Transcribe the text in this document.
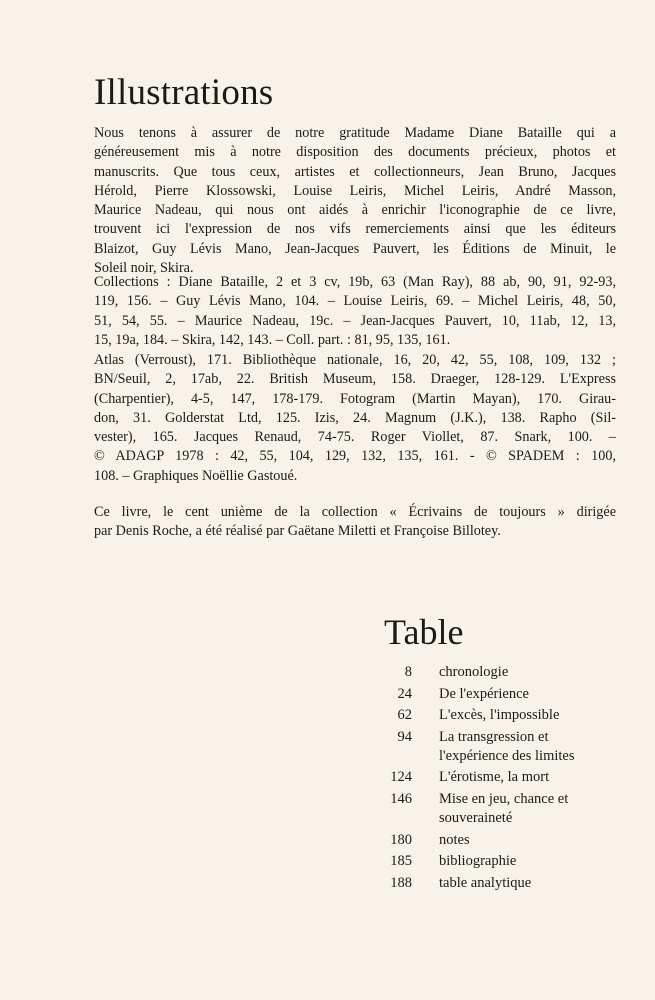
Illustrations
Nous tenons à assurer de notre gratitude Madame Diane Bataille qui a
généreusement mis à notre disposition des documents précieux, photos et
manuscrits. Que tous ceux, artistes et collectionneurs, Jean Bruno, Jacques
Hérold, Pierre Klossowski, Louise Leiris, Michel Leiris, André Masson,
Maurice Nadeau, qui nous ont aidés à enrichir l'iconographie de ce livre,
trouvent ici l'expression de nos vifs remerciements ainsi que les éditeurs
Blaizot, Guy Lévis Mano, Jean-Jacques Pauvert, les Éditions de Minuit, le
Soleil noir, Skira.
Collections : Diane Bataille, 2 et 3 cv, 19b, 63 (Man Ray), 88 ab, 90, 91, 92-93,
119, 156. – Guy Lévis Mano, 104. – Louise Leiris, 69. – Michel Leiris, 48, 50,
51, 54, 55. – Maurice Nadeau, 19c. – Jean-Jacques Pauvert, 10, 11ab, 12, 13,
15, 19a, 184. – Skira, 142, 143. – Coll. part. : 81, 95, 135, 161.
Atlas (Verroust), 171. Bibliothèque nationale, 16, 20, 42, 55, 108, 109, 132 ;
BN/Seuil, 2, 17ab, 22. British Museum, 158. Draeger, 128-129. L'Express
(Charpentier), 4-5, 147, 178-179. Fotogram (Martin Mayan), 170. Girau-
don, 31. Golderstat Ltd, 125. Izis, 24. Magnum (J.K.), 138. Rapho (Sil-
vester), 165. Jacques Renaud, 74-75. Roger Viollet, 87. Snark, 100. –
© ADAGP 1978 : 42, 55, 104, 129, 132, 135, 161. - © SPADEM : 100,
108. – Graphiques Noëllie Gastoué.
Ce livre, le cent unième de la collection « Écrivains de toujours » dirigée
par Denis Roche, a été réalisé par Gaëtane Miletti et Françoise Billotey.
Table
8 chronologie
24 De l'expérience
62 L'excès, l'impossible
94 La transgression et
l'expérience des limites
124 L'érotisme, la mort
146 Mise en jeu, chance et
souveraineté
180 notes
185 bibliographie
188 table analytique
